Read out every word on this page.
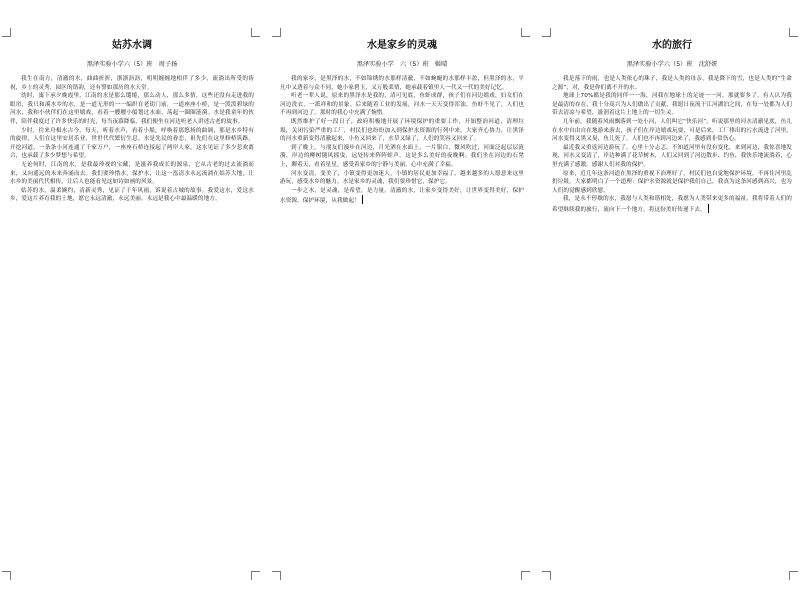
姑苏水调
黑泽实验小学六（5）班　周子扬

我生在南方，清澈的水，曲曲折折，浙浙沥沥，明明缠缠地相伴了多少，流淌出所受的祷祝，乡土的灵秀，园区的谐韵，还有譬如那历的水天堂。

幼时，寓下承夕晚霞里，江南的水是那么缱绻，那么动人，那么多情，这些还没有走进我的眼帘，我只和溪水乡的水，是一道无形的一一编织在老街门前，一道座座小桥，是一泼泼碧绿的河水，我和小伙伴们在这里嬉戏，看着一艘艘小船划过水面，荡起一圈圈涟漪。水是我童年的伙伴，陪伴我度过了许多快乐的时光，每当夜幕降临，我们便坐在河边听老人讲述古老的故事。

少时，往来舟楫水古今，每天，听着水声，看着小船，呼唤着那悠扬的曲调，那是水乡特有的旋律，人们在这里安居乐业，世世代代繁衍生息。水是先民的眷恋，祖先们在这里修桥筑路，开挖河道，一条条小河连通了千家万户，一座座石桥连接起了两岸人家，这水见证了多少悲欢离合，也承载了多少梦想与希望。

无论何时，江南的水，是我最珍视的宝藏，是滋养我成长的源泉，它从古老的过去流淌而来，又向遥远的未来奔涌而去。我们要珍惜水，保护水，让这一泓清水永远流淌在姑苏大地，让水乡的美丽代代相传，让后人也能看见这如诗如画的风景。

姑苏的水，温柔婉约，清新灵秀，见证了千年风雨，诉说着古城的故事。我爱这水，爱这水乡，爱这片养育我的土地，愿它永远清澈，永远美丽，永远是我心中最温暖的地方。

水是家乡的灵魂
黑泽实验小学　六（5）班　姬晴

我的家乡，是黑泽的水，不如锦绣的水那样清澈，不如蜿蜒的水那样丰盈，但黑泽的水，平凡中又透着与众不同，她小家碧玉，又万般柔情，她承载着镇里人一代又一代的美好记忆。

听老一辈人说，原来的黑泽水是我的，清可见底，鱼虾成群，孩子们在河边嬉戏，妇女们在河边洗衣，一派祥和的景象。后来随着工业的发展，河水一天天变得浑浊，鱼虾不见了，人们也不再到河边了，那时的我心中充满了惋惜。

既然维护了好一段日子，政府积极地开展了环境保护的重要工作，开始整治河道，清理垃圾，关闭污染严重的工厂，村民们也纷纷加入到保护水资源的行列中来，大家齐心协力，让黑泽的河水重新变得清澈起来，小鱼又回来了，水草又绿了，人们的笑容又回来了。

到了晚上，与朋友们漫步在河边，月光洒在水面上，一片银白，微风吹过，河面泛起层层涟漪，岸边的柳树随风摇曳，远处传来阵阵蛙声，这是多么美好的夜晚啊。我们坐在河边的石凳上，聊着天，看着星星，感受着家乡的宁静与美丽，心中充满了幸福。

河水变清，变美了，小镇变得更加迷人，小镇的居民更加幸福了，越来越多的人愿意来这里游玩，感受水乡的魅力，水是家乡的灵魂，我们要珍惜它，保护它。

一步之水，是灵魂，是希望，是力量，清澈的水，让家乡变得美好，让世界变得美好，保护水资源，保护环境，从我做起！

水的旅行
黑泽实验小学六（5）班　沈舒妍

我是落下的雨，也是人类依心的珠子，我是人类的母亲，我是降下的雪，也是人类的“生命之源”，对，我是你们离不开的水。

地球上70%都是我的同伴一一海，河我在地球上的足迹一一河，那就要多了，有人认为我是最清的存在，我十分高兴为人们做出了贡献，我愿日夜流于江河湖泊之间，在每一处都为人们带去清凉与希望，滋润着这片土地上的一切生灵。

几年前，我随着风雨飘落到一处小河，人们叫它“快乐河”，听说那里的河水清澈见底，鱼儿在水中自由自在地游来游去，孩子们在岸边嬉戏玩耍，可是后来，工厂排出的污水流进了河里，河水变得又黑又臭，鱼儿死了，人们也不再到河边来了，我感到非常伤心。

最近我又重返河边游玩了，心里十分忐忑，不知道河里有没有变化，来到河边，我惊喜地发现，河水又变清了，岸边种满了花草树木，人们又回到了河边散步、钓鱼，我快乐地流淌着，心里充满了感激，感谢人们对我的保护。

原来，近几年这条河道在黑泽的重视下治理好了，村民们也自觉地保护环境，不再往河里乱扔垃圾，大家都明白了一个道理：保护水资源就是保护我们自己，我真为这条河感到高兴，也为人们的觉醒感到欣慰。

我，是永不停歇的水，我愿与人类和谐相处，我愿为人类带来更多的福祉，我将带着人们的希望继续我的旅行，流向下一个地方，将这份美好传递下去。
